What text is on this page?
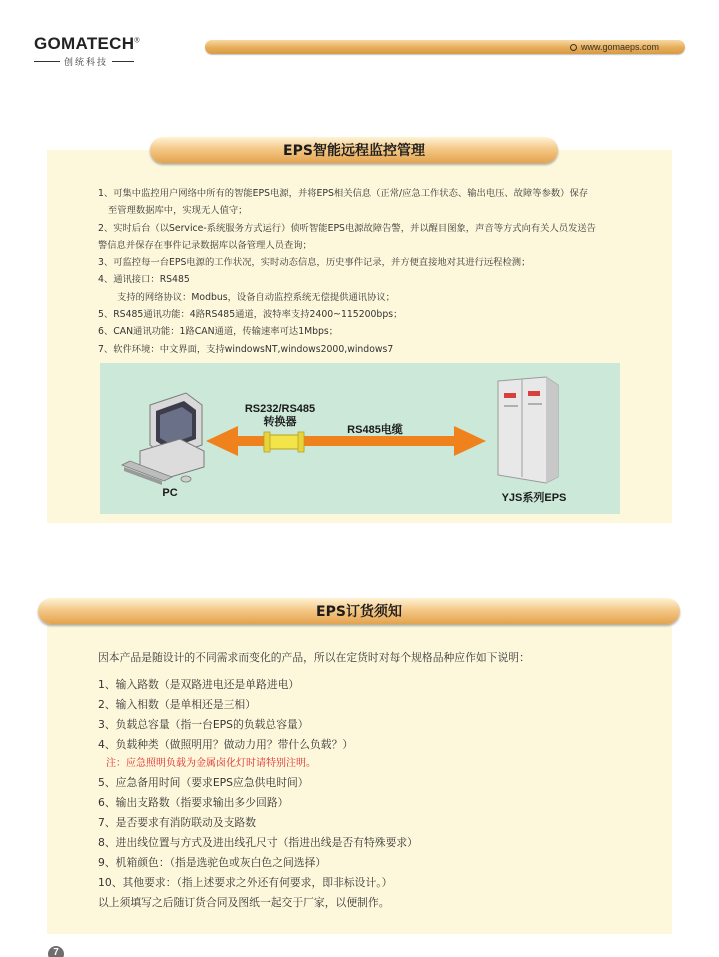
GOMATECH®
创统科技
www.gomaeps.com
EPS智能远程监控管理
1、可集中监控用户网络中所有的智能EPS电源，并将EPS相关信息（正常/应急工作状态、输出电压、故障等参数）保存
至管理数据库中，实现无人值守；
2、实时后台（以Service-系统服务方式运行）侦听智能EPS电源故障告警，并以醒目图象，声音等方式向有关人员发送告
警信息并保存在事件记录数据库以备管理人员查询；
3、可监控每一台EPS电源的工作状况，实时动态信息，历史事件记录，并方便直接地对其进行远程检测；
4、通讯接口：RS485
支持的网络协议：Modbus，设备自动监控系统无偿提供通讯协议；
5、RS485通讯功能：4路RS485通道，波特率支持2400~115200bps；
6、CAN通讯功能：1路CAN通道，传输速率可达1Mbps；
7、软件环境：中文界面，支持windowsNT,windows2000,windows7
RS232/RS485
转换器
RS485电缆
PC	YJS系列EPS
EPS订货须知
因本产品是随设计的不同需求而变化的产品，所以在定货时对每个规格品种应作如下说明：
1、输入路数（是双路进电还是单路进电）
2、输入相数（是单相还是三相）
3、负载总容量（指一台EPS的负载总容量）
4、负载种类（做照明用？做动力用？带什么负载？）
注：应急照明负载为金属卤化灯时请特别注明。
5、应急备用时间（要求EPS应急供电时间）
6、输出支路数（指要求输出多少回路）
7、是否要求有消防联动及支路数
8、进出线位置与方式及进出线孔尺寸（指进出线是否有特殊要求）
9、机箱颜色：（指是选驼色或灰白色之间选择）
10、其他要求：（指上述要求之外还有何要求，即非标设计。）
以上须填写之后随订货合同及图纸一起交于厂家，以便制作。
7
